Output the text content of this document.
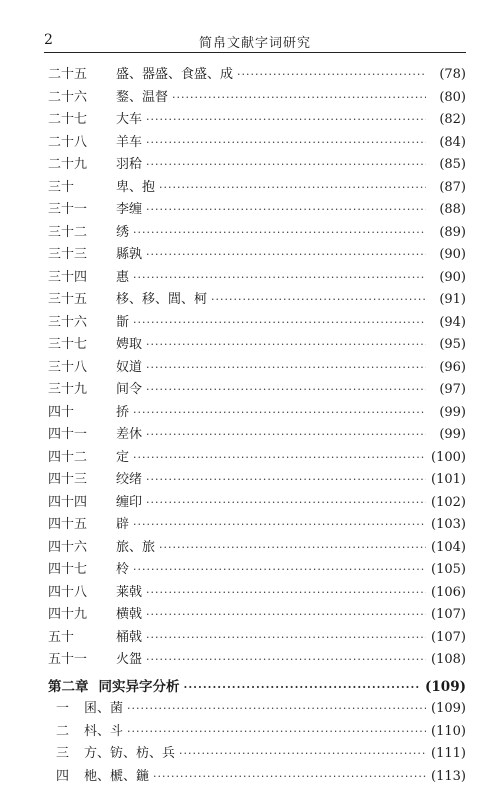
2	简帛文献字词研究
二十五	盛、器盛、食盛、成 ·····	(78)
二十六	鍪、温督 ·····	(80)
二十七	大车 ·····	(82)
二十八	羊车 ·····	(84)
二十九	羽秴 ·····	(85)
三十	卑、抱 ·····	(87)
三十一	李缠 ·····	(88)
三十二	绣 ·····	(89)
三十三	縣孰 ·····	(90)
三十四	惠 ·····	(90)
三十五	栘、移、閭、柯 ·····	(91)
三十六	斮 ·····	(94)
三十七	娉取 ·····	(95)
三十八	奴道 ·····	(96)
三十九	间令 ·····	(97)
四十	挢 ·····	(99)
四十一	差休 ·····	(99)
四十二	定 ·····	(100)
四十三	绞绪 ·····	(101)
四十四	缠印 ·····	(102)
四十五	辟 ·····	(103)
四十六	旅、旅 ·····	(104)
四十七	柃 ·····	(105)
四十八	莱戟 ·····	(106)
四十九	横戟 ·····	(107)
五十	桶戟 ·····	(107)
五十一	火盌 ·····	(108)
第二章 同实异字分析 ·····	(109)
一	囷、菌 ·····	(109)
二	枓、斗 ·····	(110)
三	方、钫、枋、兵 ·····	(111)
四	杝、榹、鍦 ·····	(113)
